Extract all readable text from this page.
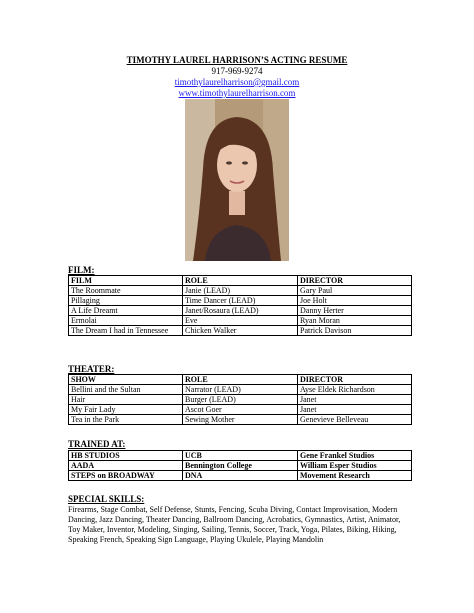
TIMOTHY LAUREL HARRISON’S ACTING RESUME
917-969-9274
timothylaurelharrison@gmail.com
www.timothylaurelharrison.com
FILM:
FILM	ROLE	DIRECTOR
The Roommate	Janie (LEAD)	Gary Paul
Pillaging	Time Dancer (LEAD)	Joe Holt
A Life Dreamt	Janet/Rosaura (LEAD)	Danny Herter
Ermolai	Eve	Ryan Moran
The Dream I had in Tennessee	Chicken Walker	Patrick Davison
THEATER:
SHOW	ROLE	DIRECTOR
Bellini and the Sultan	Narrator (LEAD)	Ayse Eldek Richardson
Hair	Burger (LEAD)	Janet
My Fair Lady	Ascot Goer	Janet
Tea in the Park	Sewing Mother	Genevieve Belleveau
TRAINED AT:
HB STUDIOS	UCB	Gene Frankel Studios
AADA	Bennington College	William Esper Studios
STEPS on BROADWAY	DNA	Movement Research
SPECIAL SKILLS:
Firearms, Stage Combat, Self Defense, Stunts, Fencing, Scuba Diving, Contact Improvisation, Modern Dancing, Jazz Dancing, Theater Dancing, Ballroom Dancing, Acrobatics, Gymnastics, Artist, Animator, Toy Maker, Inventor, Modeling, Singing, Sailing, Tennis, Soccer, Track, Yoga, Pilates, Biking, Hiking, Speaking French, Speaking Sign Language, Playing Ukulele, Playing Mandolin
